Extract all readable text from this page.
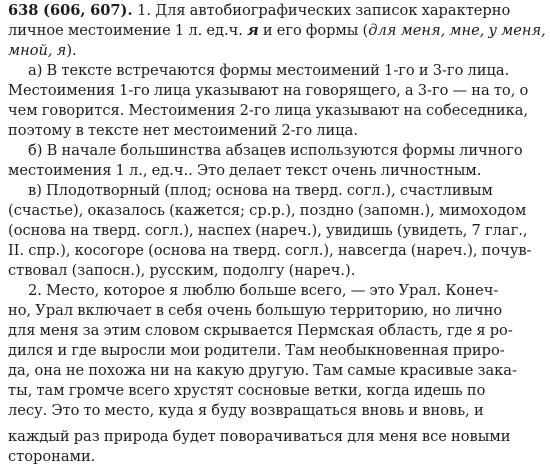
638 (606, 607). 1. Для автобиографических записок характерно
личное местоимение 1 л. ед.ч. я и его формы (для меня, мне, у меня,
мной, я).
а) В тексте встречаются формы местоимений 1-го и 3-го лица.
Местоимения 1-го лица указывают на говорящего, а 3-го — на то, о
чем говорится. Местоимения 2-го лица указывают на собеседника,
поэтому в тексте нет местоимений 2-го лица.
б) В начале большинства абзацев используются формы личного
местоимения 1 л., ед.ч.. Это делает текст очень личностным.
в) Плодотворный (плод; основа на тверд. согл.), счастливым
(счастье), оказалось (кажется; ср.р.), поздно (запомн.), мимоходом
(основа на тверд. согл.), наспех (нареч.), увидишь (увидеть, 7 глаг.,
II. спр.), косогоре (основа на тверд. согл.), навсегда (нареч.), почув-
ствовал (запосн.), русским, подолгу (нареч.).
2. Место, которое я люблю больше всего, — это Урал. Конеч-
но, Урал включает в себя очень большую территорию, но лично
для меня за этим словом скрывается Пермская область, где я ро-
дился и где выросли мои родители. Там необыкновенная приро-
да, она не похожа ни на какую другую. Там самые красивые зака-
ты, там громче всего хрустят сосновые ветки, когда идешь по
лесу. Это то место, куда я буду возвращаться вновь и вновь, и
каждый раз природа будет поворачиваться для меня все новыми
сторонами.
